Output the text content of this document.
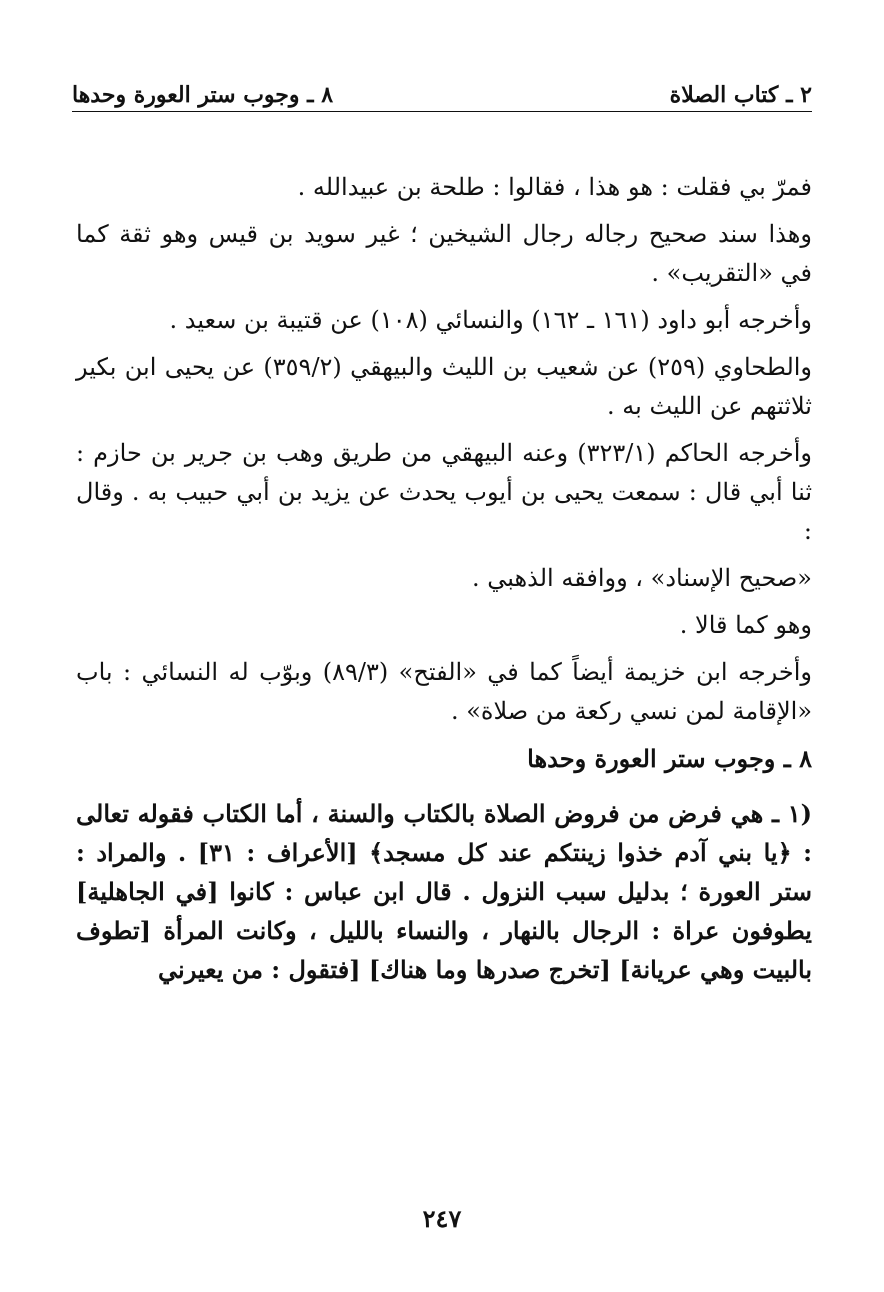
٢ ـ كتاب الصلاة
٨ ـ وجوب ستر العورة وحدها

فمرّ بي فقلت : هو هذا ، فقالوا : طلحة بن عبيدالله .

وهذا سند صحيح رجاله رجال الشيخين ؛ غير سويد بن قيس وهو ثقة كما في «التقريب» .

وأخرجه أبو داود (١٦١ ـ ١٦٢) والنسائي (١٠٨) عن قتيبة بن سعيد .

والطحاوي (٢٥٩) عن شعيب بن الليث والبيهقي (٣٥٩/٢) عن يحيى ابن بكير ثلاثتهم عن الليث به .

وأخرجه الحاكم (٣٢٣/١) وعنه البيهقي من طريق وهب بن جرير بن حازم : ثنا أبي قال : سمعت يحيى بن أيوب يحدث عن يزيد بن أبي حبيب به . وقال :

«صحيح الإسناد» ، ووافقه الذهبي .

وهو كما قالا .

وأخرجه ابن خزيمة أيضاً كما في «الفتح» (٨٩/٣) وبوّب له النسائي : باب «الإقامة لمن نسي ركعة من صلاة» .

٨ ـ وجوب ستر العورة وحدها

(١ ـ هي فرض من فروض الصلاة بالكتاب والسنة ، أما الكتاب فقوله تعالى : ﴿يا بني آدم خذوا زينتكم عند كل مسجد﴾ [الأعراف : ٣١] . والمراد : ستر العورة ؛ بدليل سبب النزول . قال ابن عباس : كانوا [في الجاهلية] يطوفون عراة : الرجال بالنهار ، والنساء بالليل ، وكانت المرأة [تطوف بالبيت وهي عريانة] [تخرج صدرها وما هناك] [فتقول : من يعيرني

٢٤٧
